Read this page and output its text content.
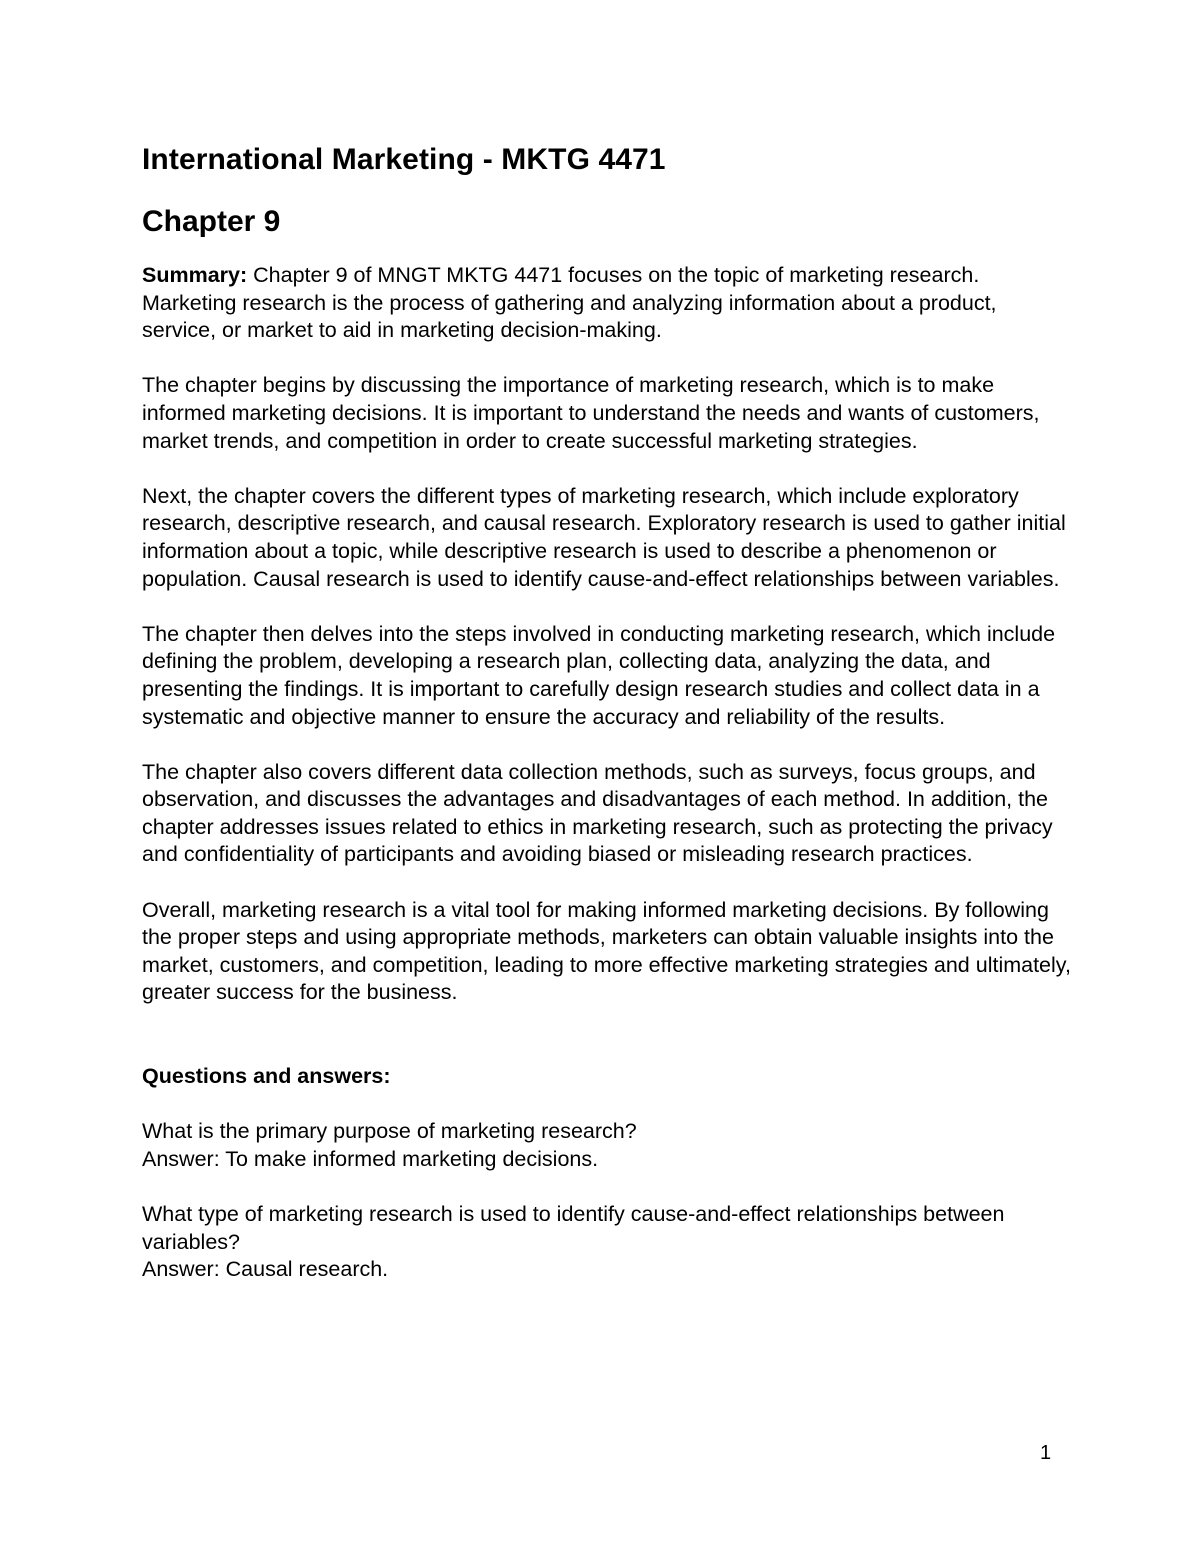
International Marketing - MKTG 4471
Chapter 9
Summary: Chapter 9 of MNGT MKTG 4471 focuses on the topic of marketing research. Marketing research is the process of gathering and analyzing information about a product, service, or market to aid in marketing decision-making.
The chapter begins by discussing the importance of marketing research, which is to make informed marketing decisions. It is important to understand the needs and wants of customers, market trends, and competition in order to create successful marketing strategies.
Next, the chapter covers the different types of marketing research, which include exploratory research, descriptive research, and causal research. Exploratory research is used to gather initial information about a topic, while descriptive research is used to describe a phenomenon or population. Causal research is used to identify cause-and-effect relationships between variables.
The chapter then delves into the steps involved in conducting marketing research, which include defining the problem, developing a research plan, collecting data, analyzing the data, and presenting the findings. It is important to carefully design research studies and collect data in a systematic and objective manner to ensure the accuracy and reliability of the results.
The chapter also covers different data collection methods, such as surveys, focus groups, and observation, and discusses the advantages and disadvantages of each method. In addition, the chapter addresses issues related to ethics in marketing research, such as protecting the privacy and confidentiality of participants and avoiding biased or misleading research practices.
Overall, marketing research is a vital tool for making informed marketing decisions. By following the proper steps and using appropriate methods, marketers can obtain valuable insights into the market, customers, and competition, leading to more effective marketing strategies and ultimately, greater success for the business.
Questions and answers:
What is the primary purpose of marketing research?
Answer: To make informed marketing decisions.
What type of marketing research is used to identify cause-and-effect relationships between variables?
Answer: Causal research.
1
